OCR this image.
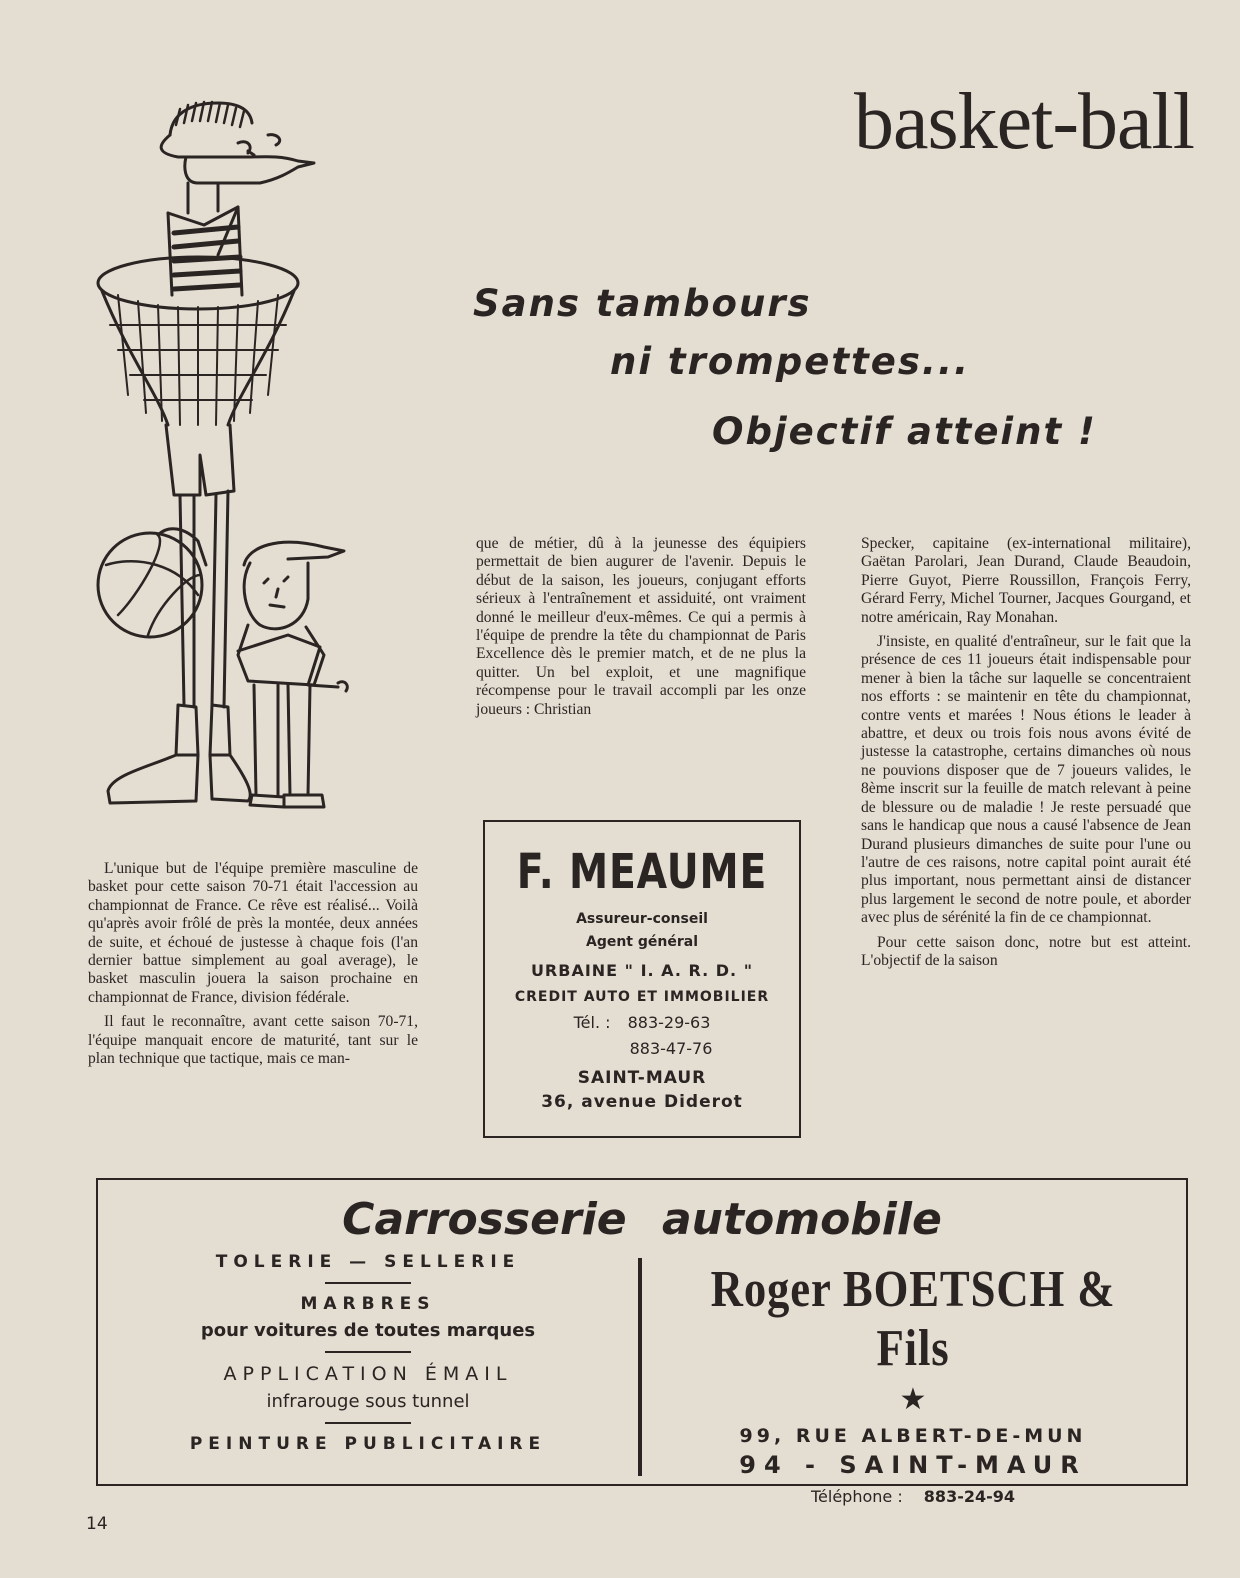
basket-ball
Sans tambours
ni trompettes...
Objectif atteint !

L'unique but de l'équipe première masculine de basket pour cette saison 70-71 était l'accession au championnat de France. Ce rêve est réalisé... Voilà qu'après avoir frôlé de près la montée, deux années de suite, et échoué de justesse à chaque fois (l'an dernier battue simplement au goal average), le basket masculin jouera la saison prochaine en championnat de France, division fédérale.

Il faut le reconnaître, avant cette saison 70-71, l'équipe manquait encore de maturité, tant sur le plan technique que tactique, mais ce man-

que de métier, dû à la jeunesse des équipiers permettait de bien augurer de l'avenir. Depuis le début de la saison, les joueurs, conjugant efforts sérieux à l'entraînement et assiduité, ont vraiment donné le meilleur d'eux-mêmes. Ce qui a permis à l'équipe de prendre la tête du championnat de Paris Excellence dès le premier match, et de ne plus la quitter. Un bel exploit, et une magnifique récompense pour le travail accompli par les onze joueurs : Christian

Specker, capitaine (ex-international militaire), Gaëtan Parolari, Jean Durand, Claude Beaudoin, Pierre Guyot, Pierre Roussillon, François Ferry, Gérard Ferry, Michel Tourner, Jacques Gourgand, et notre américain, Ray Monahan.

J'insiste, en qualité d'entraîneur, sur le fait que la présence de ces 11 joueurs était indispensable pour mener à bien la tâche sur laquelle se concentraient nos efforts : se maintenir en tête du championnat, contre vents et marées ! Nous étions le leader à abattre, et deux ou trois fois nous avons évité de justesse la catastrophe, certains dimanches où nous ne pouvions disposer que de 7 joueurs valides, le 8ème inscrit sur la feuille de match relevant à peine de blessure ou de maladie ! Je reste persuadé que sans le handicap que nous a causé l'absence de Jean Durand plusieurs dimanches de suite pour l'une ou l'autre de ces raisons, notre capital point aurait été plus important, nous permettant ainsi de distancer plus largement le second de notre poule, et aborder avec plus de sérénité la fin de ce championnat.

Pour cette saison donc, notre but est atteint. L'objectif de la saison

F. MEAUME
Assureur-conseil
Agent général
URBAINE " I. A. R. D. "
CREDIT AUTO ET IMMOBILIER
Tél. : 883-29-63
883-47-76
SAINT-MAUR
36, avenue Diderot
Carrosserie automobile
TOLERIE — SELLERIE
MARBRES
pour voitures de toutes marques
APPLICATION ÉMAIL
infrarouge sous tunnel
PEINTURE PUBLICITAIRE
Roger BOETSCH & Fils
★
99, RUE ALBERT-DE-MUN
94 - SAINT-MAUR
Téléphone : 883-24-94
14
